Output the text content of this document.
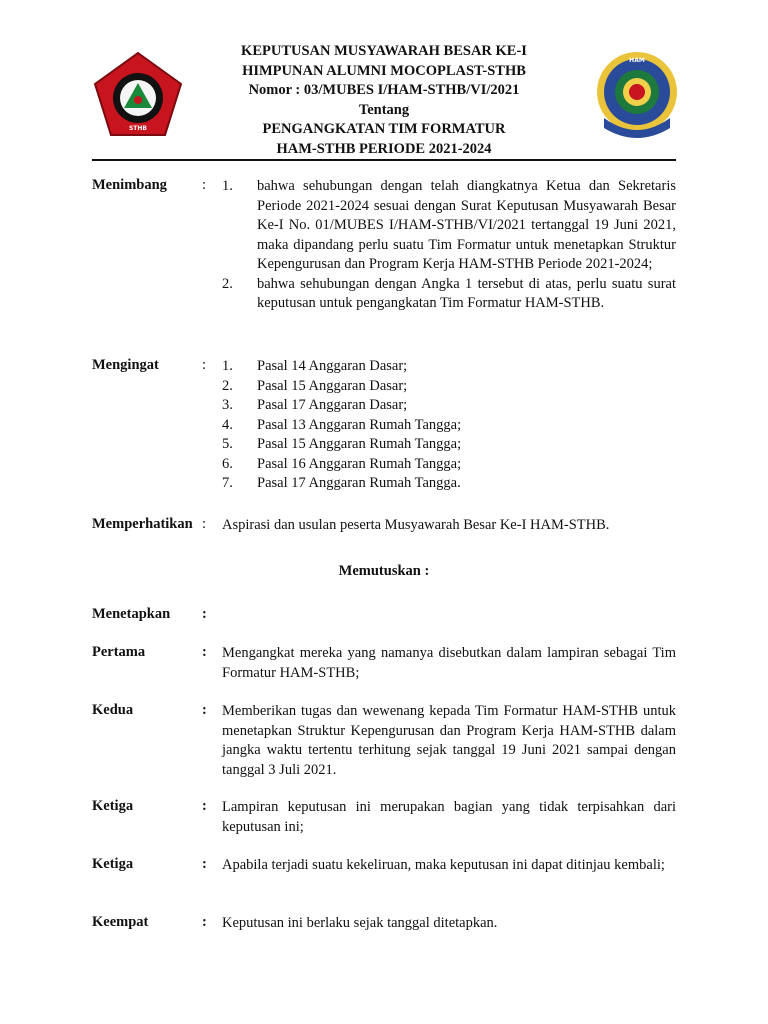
STHB
KEPUTUSAN MUSYAWARAH BESAR KE-I
HIMPUNAN ALUMNI MOCOPLAST-STHB
Nomor : 03/MUBES I/HAM-STHB/VI/2021
Tentang
PENGANGKATAN TIM FORMATUR
HAM-STHB PERIODE 2021-2024
HAM
Menimbang : 1. bahwa sehubungan dengan telah diangkatnya Ketua dan Sekretaris Periode 2021-2024 sesuai dengan Surat Keputusan Musyawarah Besar Ke-I No. 01/MUBES I/HAM-STHB/VI/2021 tertanggal 19 Juni 2021, maka dipandang perlu suatu Tim Formatur untuk menetapkan Struktur Kepengurusan dan Program Kerja HAM-STHB Periode 2021-2024;
2. bahwa sehubungan dengan Angka 1 tersebut di atas, perlu suatu surat keputusan untuk pengangkatan Tim Formatur HAM-STHB.
Mengingat	: 1. Pasal 14 Anggaran Dasar;
2. Pasal 15 Anggaran Dasar;
3. Pasal 17 Anggaran Dasar;
4. Pasal 13 Anggaran Rumah Tangga;
5. Pasal 15 Anggaran Rumah Tangga;
6. Pasal 16 Anggaran Rumah Tangga;
7. Pasal 17 Anggaran Rumah Tangga.
Memperhatikan : Aspirasi dan usulan peserta Musyawarah Besar Ke-I HAM-STHB.
Memutuskan :
Menetapkan :
Pertama	: Mengangkat mereka yang namanya disebutkan dalam lampiran sebagai Tim Formatur HAM-STHB;
Kedua	: Memberikan tugas dan wewenang kepada Tim Formatur HAM-STHB untuk menetapkan Struktur Kepengurusan dan Program Kerja HAM-STHB dalam jangka waktu tertentu terhitung sejak tanggal 19 Juni 2021 sampai dengan tanggal 3 Juli 2021.
Ketiga	: Lampiran keputusan ini merupakan bagian yang tidak terpisahkan dari keputusan ini;
Ketiga	: Apabila terjadi suatu kekeliruan, maka keputusan ini dapat ditinjau kembali;
Keempat	: Keputusan ini berlaku sejak tanggal ditetapkan.
